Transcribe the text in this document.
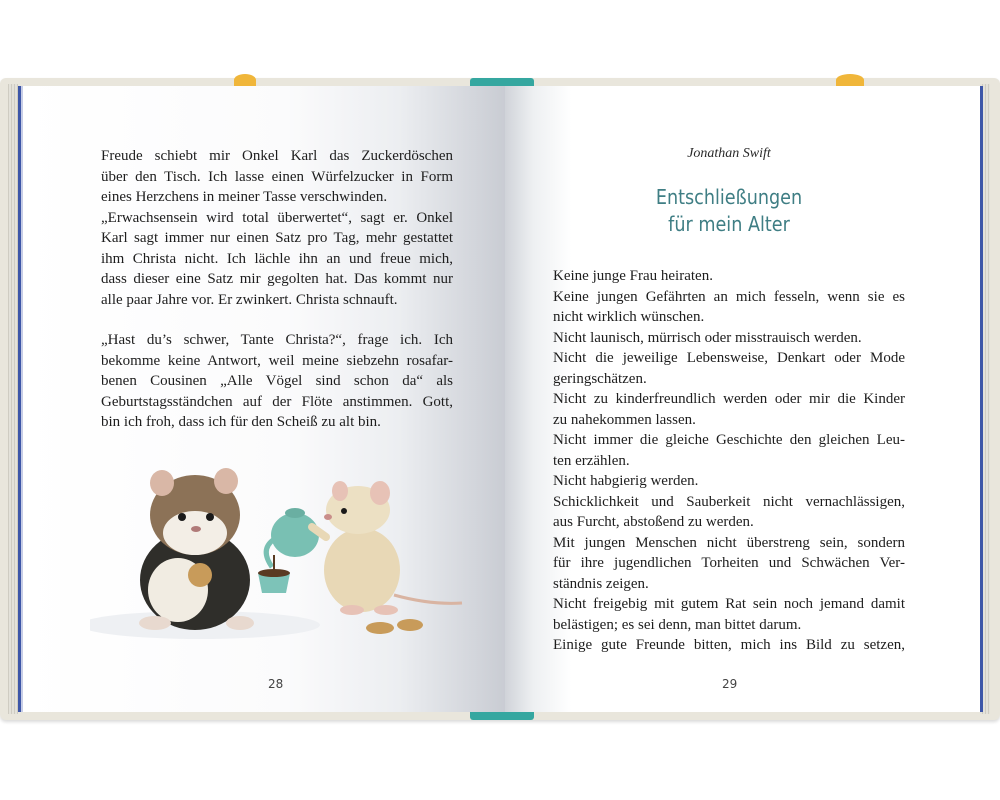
Freude schiebt mir Onkel Karl das Zuckerdöschen
über den Tisch. Ich lasse einen Würfelzucker in Form
eines Herzchens in meiner Tasse verschwinden.
„Erwachsensein wird total überwertet“, sagt er. Onkel
Karl sagt immer nur einen Satz pro Tag, mehr gestattet
ihm Christa nicht. Ich lächle ihn an und freue mich,
dass dieser eine Satz mir gegolten hat. Das kommt nur
alle paar Jahre vor. Er zwinkert. Christa schnauft.
„Hast du’s schwer, Tante Christa?“, frage ich. Ich
bekomme keine Antwort, weil meine siebzehn rosafar-
benen Cousinen „Alle Vögel sind schon da“ als
Geburtstagsständchen auf der Flöte anstimmen. Gott,
bin ich froh, dass ich für den Scheiß zu alt bin.
28
Jonathan Swift
Entschließungen
für mein Alter
Keine junge Frau heiraten.
Keine jungen Gefährten an mich fesseln, wenn sie es
nicht wirklich wünschen.
Nicht launisch, mürrisch oder misstrauisch werden.
Nicht die jeweilige Lebensweise, Denkart oder Mode
geringschätzen.
Nicht zu kinderfreundlich werden oder mir die Kinder
zu nahekommen lassen.
Nicht immer die gleiche Geschichte den gleichen Leu-
ten erzählen.
Nicht habgierig werden.
Schicklichkeit und Sauberkeit nicht vernachlässigen,
aus Furcht, abstoßend zu werden.
Mit jungen Menschen nicht überstreng sein, sondern
für ihre jugendlichen Torheiten und Schwächen Ver-
ständnis zeigen.
Nicht freigebig mit gutem Rat sein noch jemand damit
belästigen; es sei denn, man bittet darum.
Einige gute Freunde bitten, mich ins Bild zu setzen,
29
